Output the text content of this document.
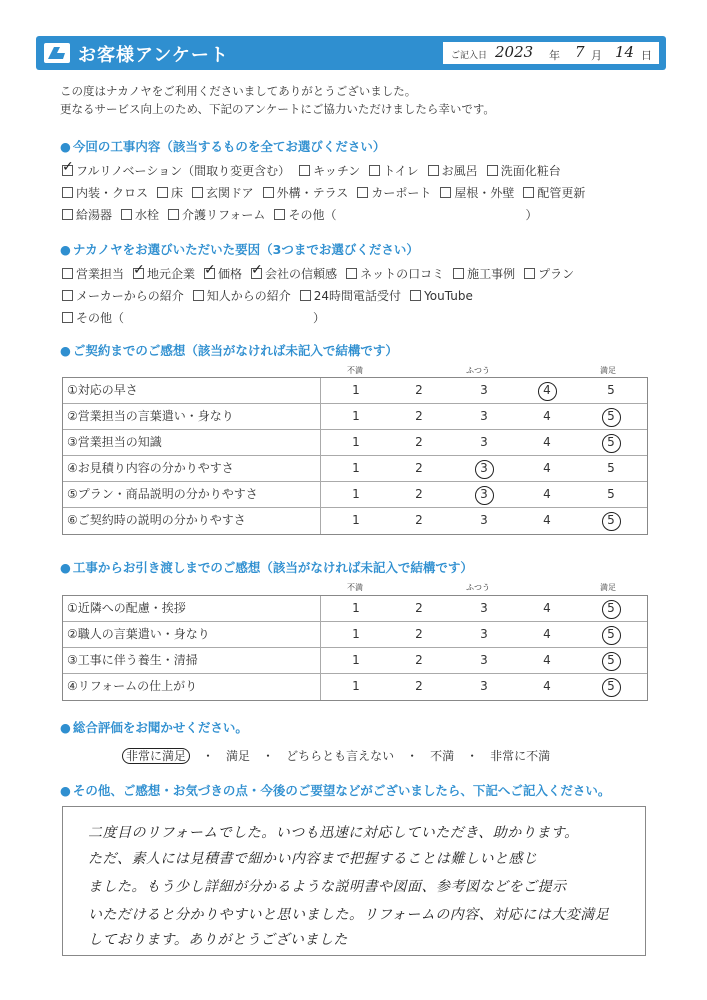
お客様アンケート	ご記入日 2023 年 7 月 14 日
この度はナカノヤをご利用くださいましてありがとうございました。
更なるサービス向上のため、下記のアンケートにご協力いただけましたら幸いです。
● 今回の工事内容（該当するものを全てお選びください）
✓フルリノベーション（間取り変更含む） キッチン トイレ お風呂 洗面化粧台
内装・クロス 床 玄関ドア 外構・テラス カーポート 屋根・外壁 配管更新
給湯器 水栓 介護リフォーム その他（	）
● ナカノヤをお選びいただいた要因（3つまでお選びください）
営業担当 ✓ 地元企業 ✓ 価格 ✓ 会社の信頼感 ネットの口コミ 施工事例 プラン
メーカーからの紹介 知人からの紹介 24時間電話受付 YouTube
その他（	）
● ご契約までのご感想（該当がなければ未記入で結構です）
不満	ふつう	満足
①対応の早さ	1	2	3	4	5
②営業担当の言葉遣い・身なり	1	2	3	4	5
③営業担当の知識	1	2	3	4	5
④お見積り内容の分かりやすさ	1	2	3	4	5
⑤プラン・商品説明の分かりやすさ	1	2	3	4	5
⑥ご契約時の説明の分かりやすさ	1	2	3	4	5
● 工事からお引き渡しまでのご感想（該当がなければ未記入で結構です）
不満	ふつう	満足
①近隣への配慮・挨拶	1	2	3	4	5
②職人の言葉遣い・身なり	1	2	3	4	5
③工事に伴う養生・清掃	1	2	3	4	5
④リフォームの仕上がり	1	2	3	4	5
● 総合評価をお聞かせください。
非常に満足 ・ 満足 ・ どちらとも言えない ・ 不満 ・ 非常に不満
● その他、ご感想・お気づきの点・今後のご要望などがございましたら、下記へご記入ください。
二度目のリフォームでした。いつも迅速に対応していただき、助かります。
ただ、素人には見積書で細かい内容まで把握することは難しいと感じ
ました。もう少し詳細が分かるような説明書や図面、参考図などをご提示
いただけると分かりやすいと思いました。リフォームの内容、対応には大変満足
しております。ありがとうございました
